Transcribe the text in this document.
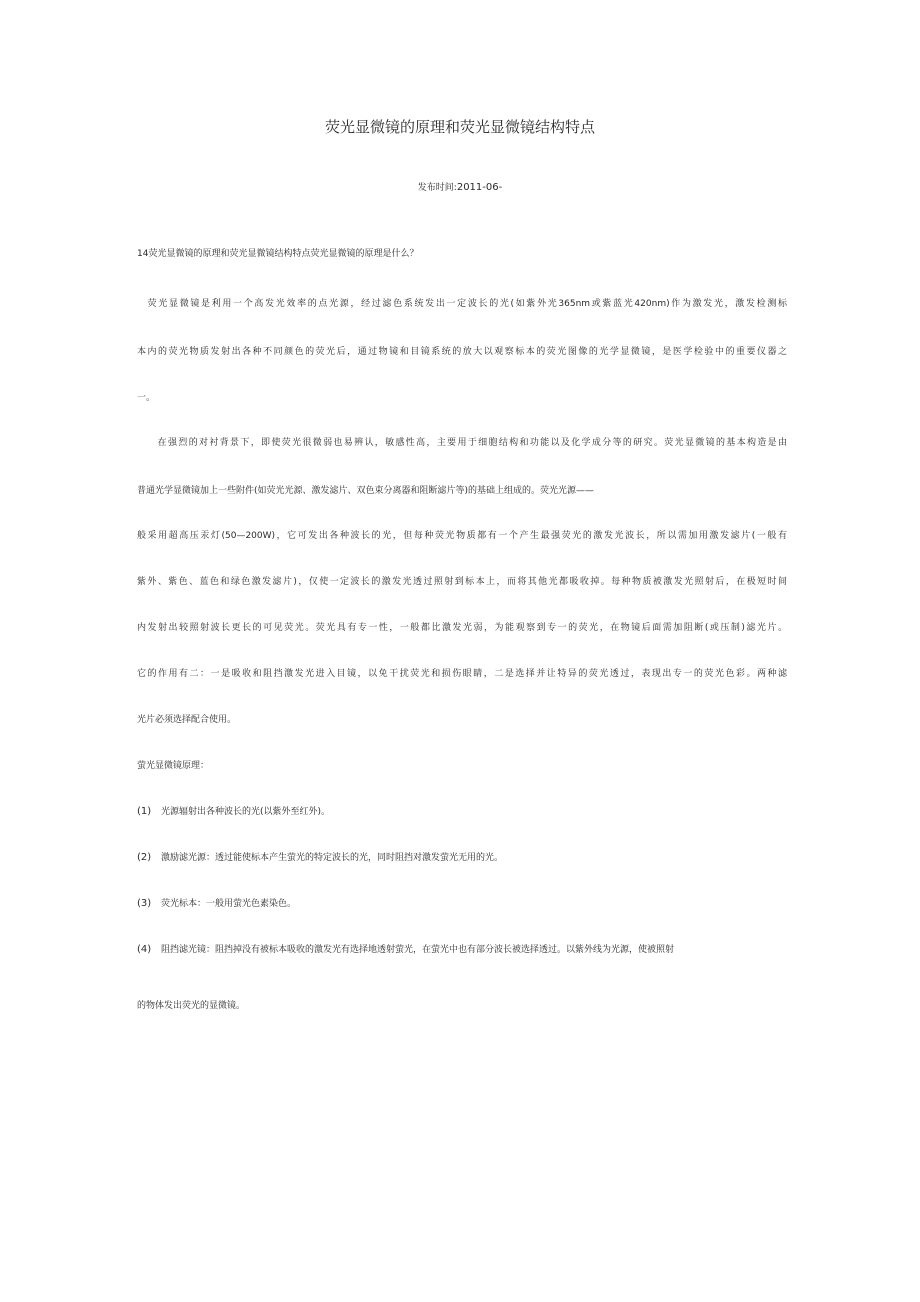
荧光显微镜的原理和荧光显微镜结构特点
发布时间:2011-06-
14荧光显微镜的原理和荧光显微镜结构特点荧光显微镜的原理是什么？
　荧光显微镜是利用一个高发光效率的点光源，经过滤色系统发出一定波长的光(如紫外光365nm或紫蓝光420nm)作为激发光，激发检测标
本内的荧光物质发射出各种不同颜色的荧光后，通过物镜和目镜系统的放大以观察标本的荧光图像的光学显微镜，是医学检验中的重要仪器之
一。
　　在强烈的对衬背景下，即使荧光很微弱也易辨认，敏感性高，主要用于细胞结构和功能以及化学成分等的研究。荧光显微镜的基本构造是由
普通光学显微镜加上一些附件(如荧光光源、激发滤片、双色束分离器和阻断滤片等)的基础上组成的。荧光光源——
般采用超高压汞灯(50—200W)，它可发出各种波长的光，但每种荧光物质都有一个产生最强荧光的激发光波长，所以需加用激发滤片(一般有
紫外、紫色、蓝色和绿色激发滤片)，仅使一定波长的激发光透过照射到标本上，而将其他光都吸收掉。每种物质被激发光照射后，在极短时间
内发射出较照射波长更长的可见荧光。荧光具有专一性，一般都比激发光弱，为能观察到专一的荧光，在物镜后面需加阻断(或压制)滤光片。
它的作用有二：一是吸收和阻挡激发光进入目镜，以免干扰荧光和损伤眼睛，二是选择并让特异的荧光透过，表现出专一的荧光色彩。两种滤
光片必须选择配合使用。
萤光显微镜原理：
(1) 光源辐射出各种波长的光(以紫外至红外)。
(2) 激励滤光源：透过能使标本产生萤光的特定波长的光，同时阻挡对激发萤光无用的光。
(3) 荧光标本：一般用萤光色素染色。
(4) 阻挡滤光镜：阻挡掉没有被标本吸收的激发光有选择地透射萤光，在萤光中也有部分波长被选择透过。以紫外线为光源，使被照射
的物体发出荧光的显微镜。
